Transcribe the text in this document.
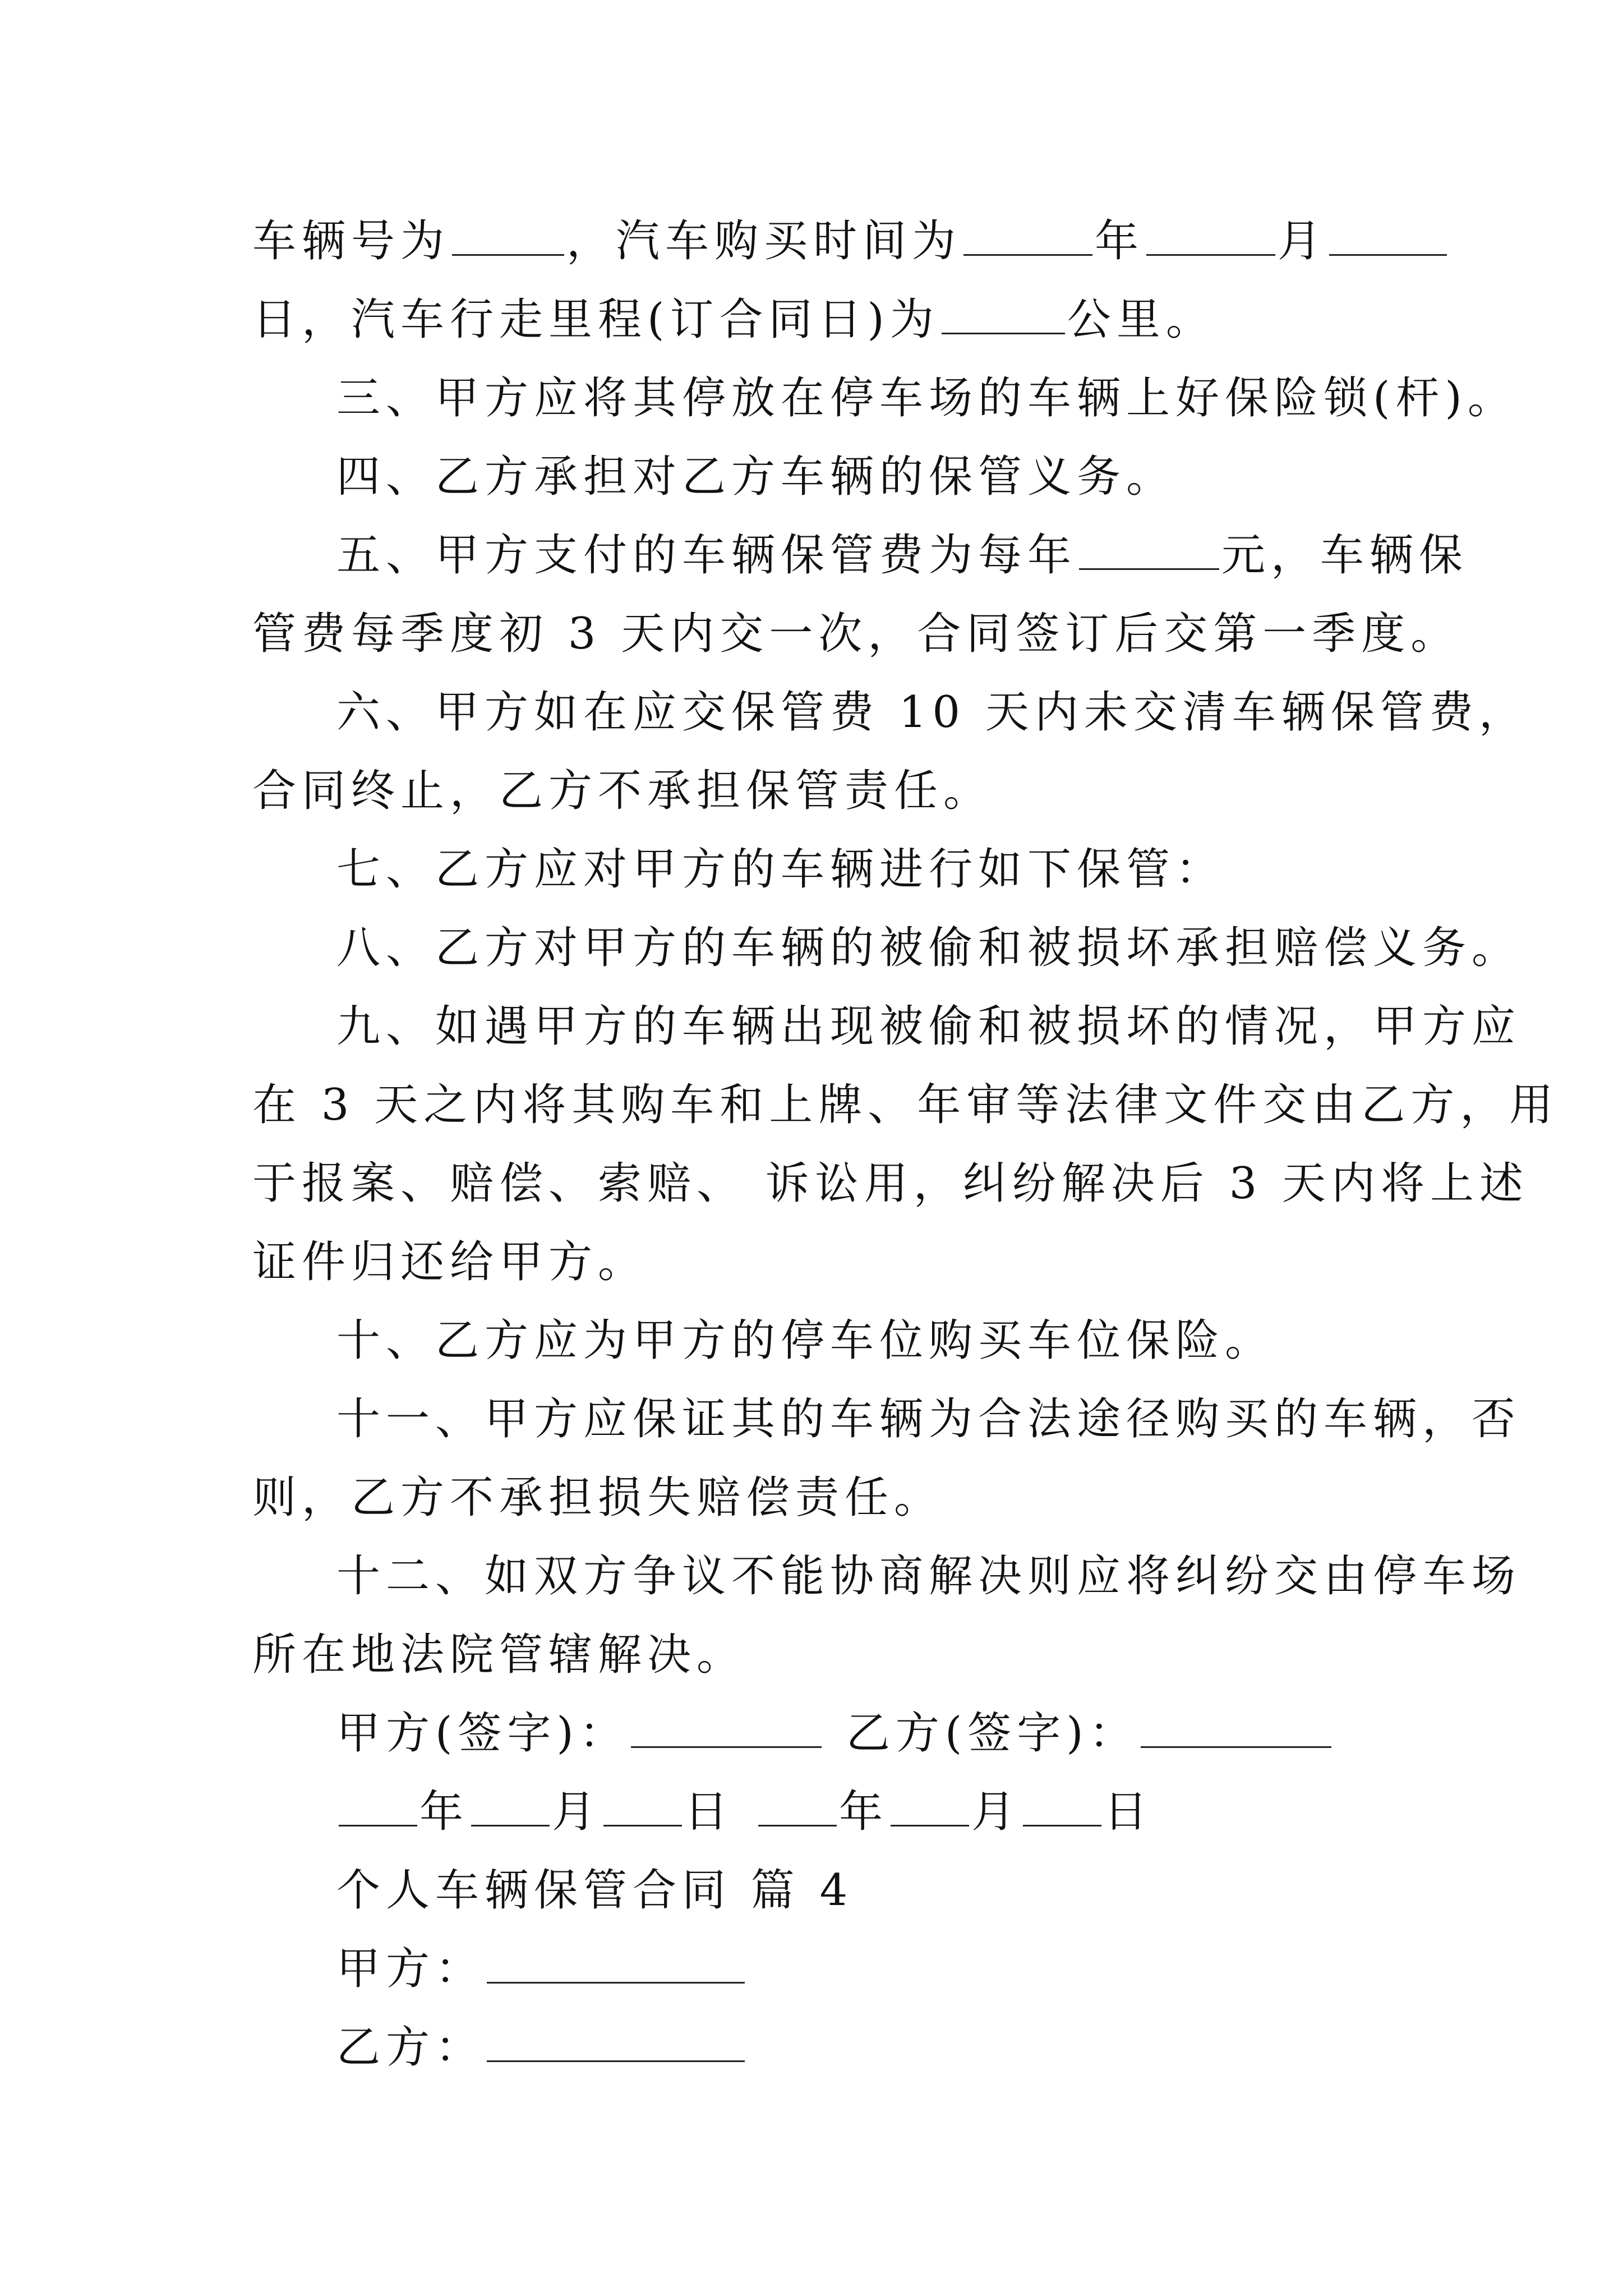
车辆号为	，汽车购买时间为	年	月
日，汽车行走里程(订合同日)为	公里。
三、甲方应将其停放在停车场的车辆上好保险锁(杆)。
四、乙方承担对乙方车辆的保管义务。
五、甲方支付的车辆保管费为每年	元，车辆保
管费每季度初 3 天内交一次，合同签订后交第一季度。
六、甲方如在应交保管费 10 天内未交清车辆保管费，
合同终止，乙方不承担保管责任。
七、乙方应对甲方的车辆进行如下保管：
八、乙方对甲方的车辆的被偷和被损坏承担赔偿义务。
九、如遇甲方的车辆出现被偷和被损坏的情况，甲方应
在 3 天之内将其购车和上牌、年审等法律文件交由乙方，用
于报案、赔偿、索赔、 诉讼用，纠纷解决后 3 天内将上述
证件归还给甲方。
十、乙方应为甲方的停车位购买车位保险。
十一、甲方应保证其的车辆为合法途径购买的车辆，否
则，乙方不承担损失赔偿责任。
十二、如双方争议不能协商解决则应将纠纷交由停车场
所在地法院管辖解决。
甲方(签字)：	乙方(签字)：
年 月 日 年 月 日
个人车辆保管合同 篇 4
甲方：
乙方：
